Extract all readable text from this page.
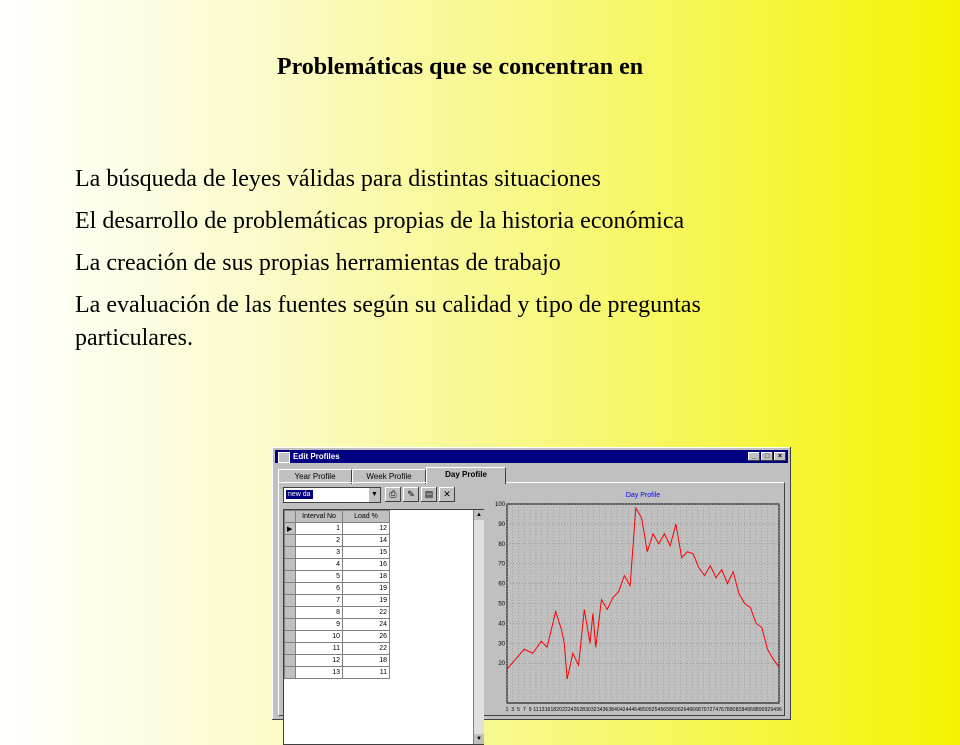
Problemáticas que se concentran en

La búsqueda de leyes válidas para distintas situaciones

El desarrollo de problemáticas propias de la historia económica

La creación de sus propias herramientas de trabajo

La evaluación de las fuentes según su calidad y tipo de preguntas particulares.

Edit Profiles	_	□	×
Year Profile	Week Profile	Day Profile
new da	▼	⎙	✎	▤	✕
	Interval No	Load %
▶	1	12
	2	14
	3	15
	4	16
	5	18
	6	19
	7	19
	8	22
	9	24
	10	26
	11	22
	12	18
	13	11
▲
▼
Day Profile
20
30
40
50
60
70
80
90
100
1 3 5 7 9 11 13 16 18 20 22 24 26 28 30 32 34 36 38 40 42 44 46 48 50 52 54 56 58 60 62 64 66 68 70 72 74 76 78 80 82 84 86 88 90 92 94 96
